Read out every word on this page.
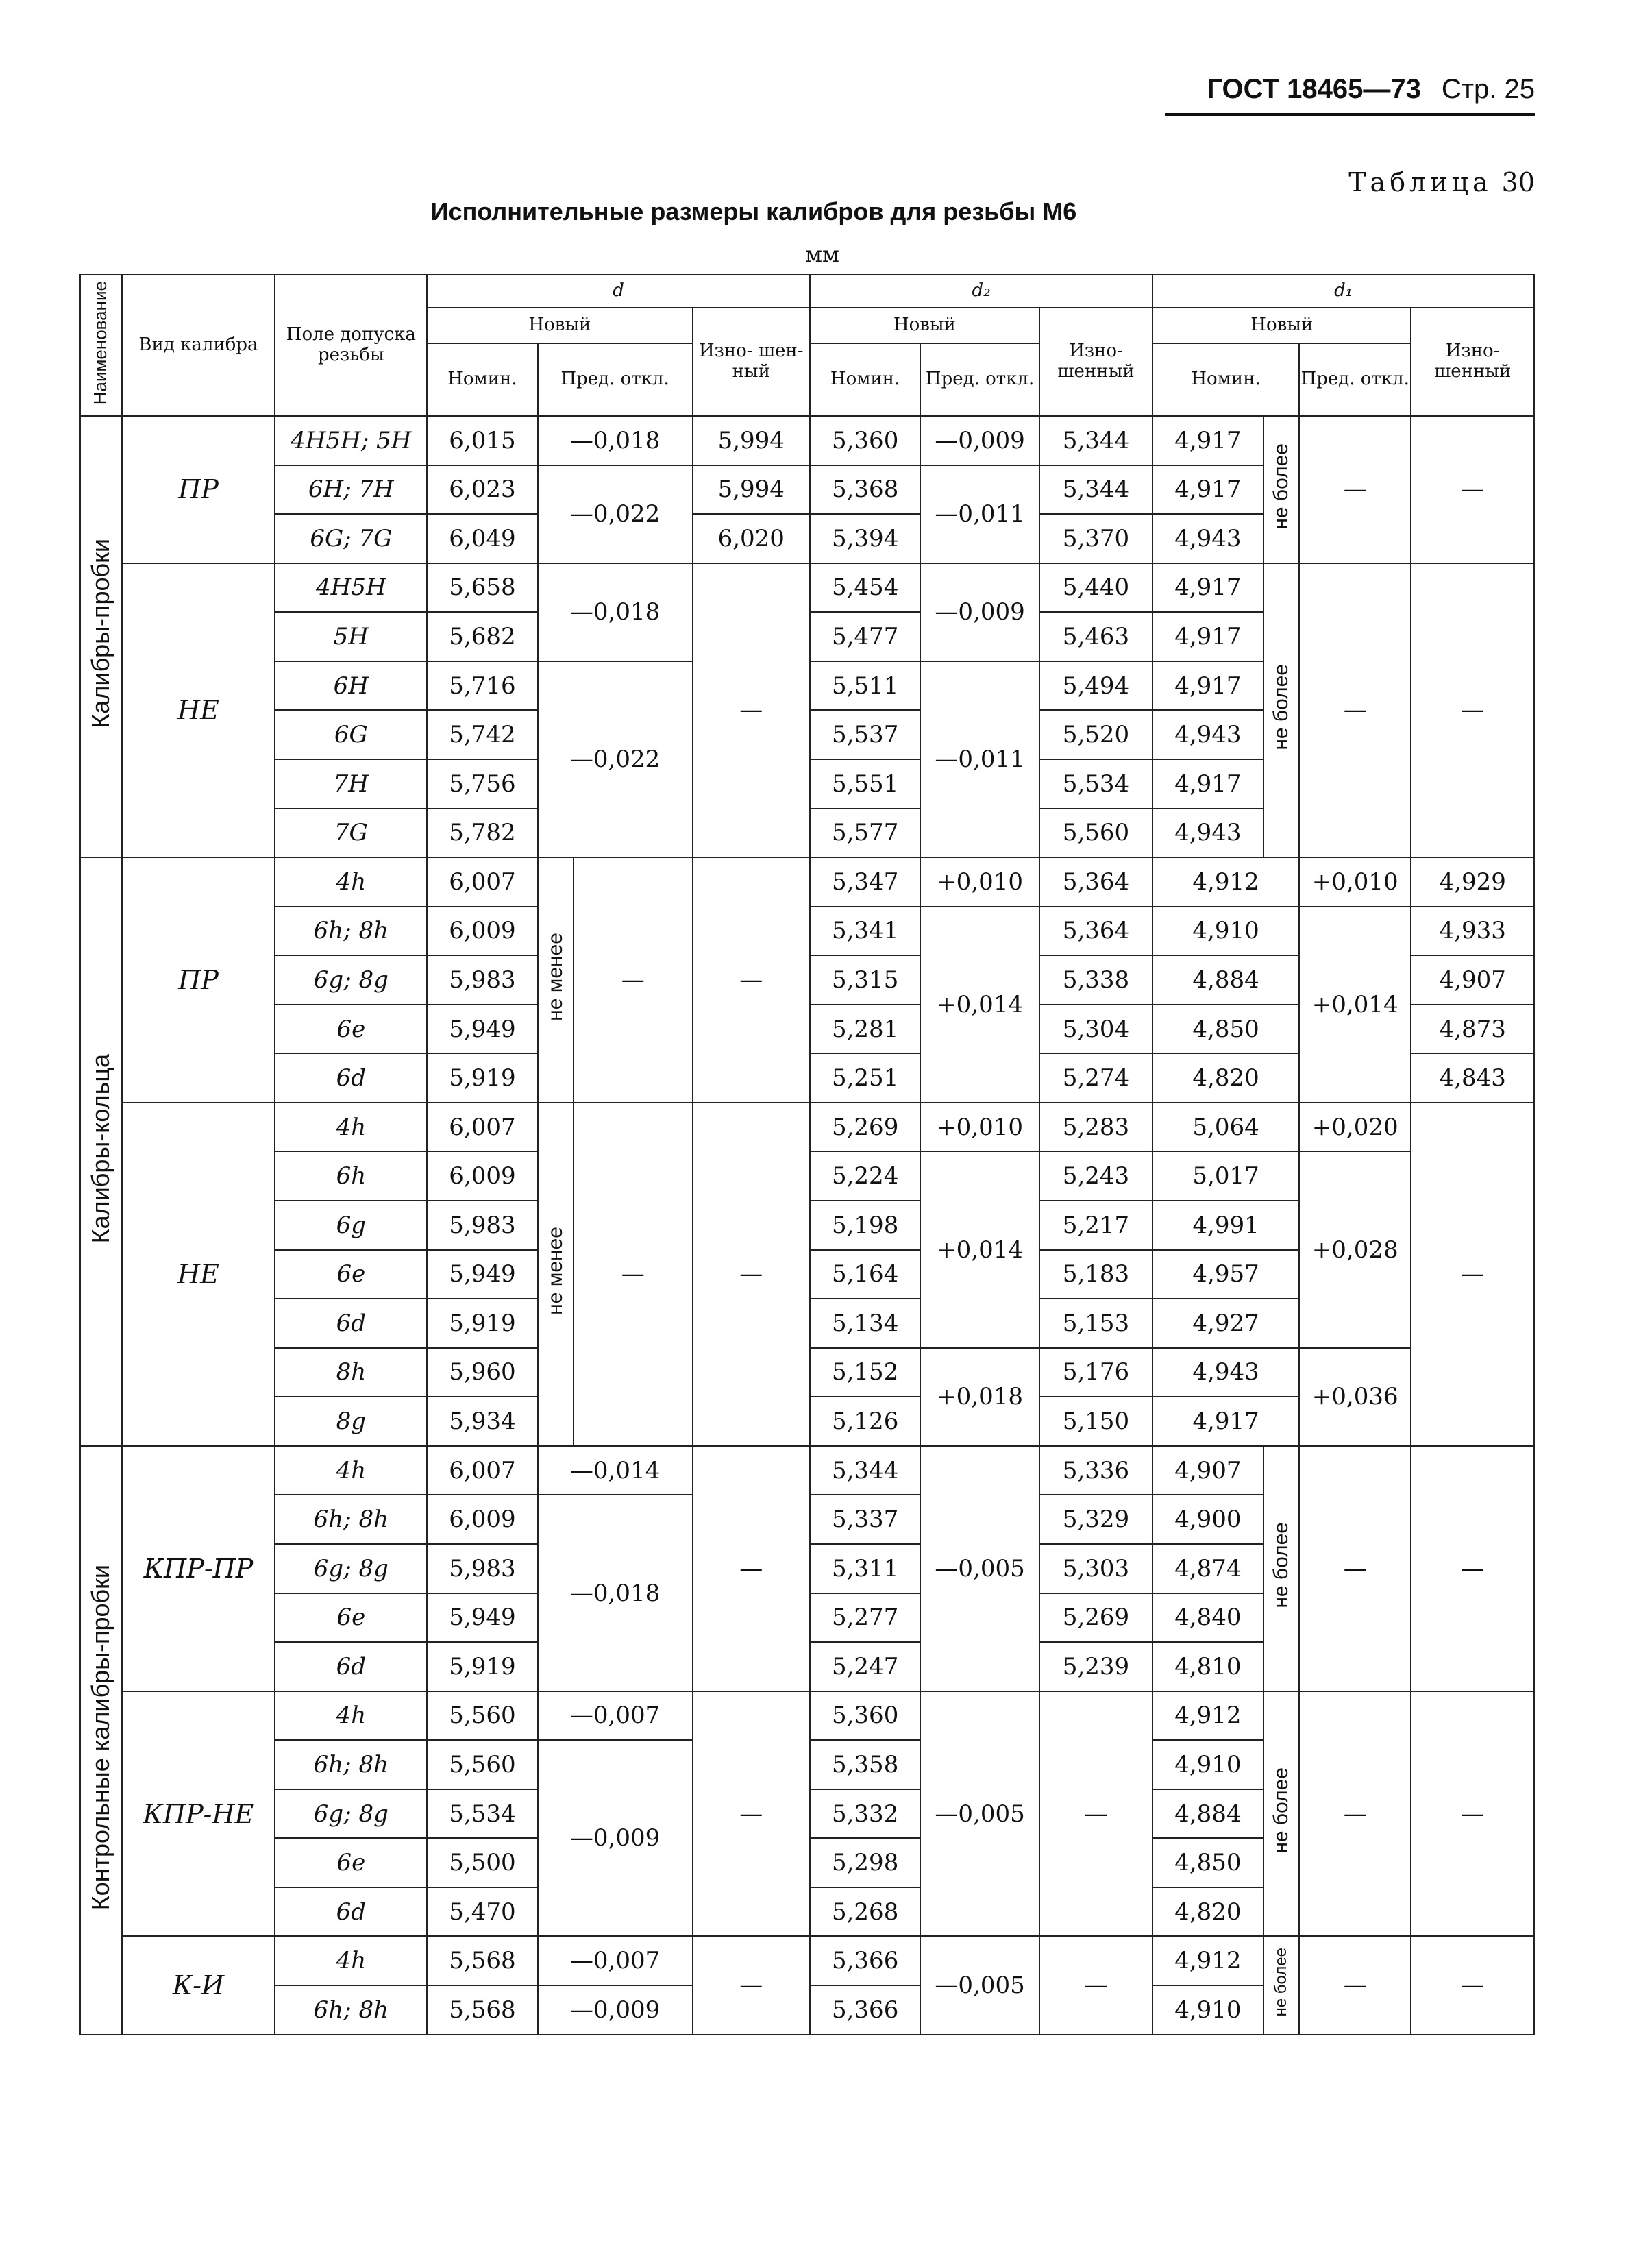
ГОСТ 18465—73 Стр. 25
Таблица 30
Исполнительные размеры калибров для резьбы М6
мм
Наименование	Вид калибра	Поле допуска резьбы	d				d₂			d₁			
			Новый			Изно- шен- ный	Новый		Изно- шенный	Новый			Изно- шенный
			Номин.	Пред. откл.			Номин.	Пред. откл.		Номин.		Пред. откл.	
Калибры-пробки	ПР	4H5H; 5H	6,015	—0,018		5,994	5,360	—0,009	5,344	4,917	не более	—	—
		6H; 7H	6,023	—0,022		5,994	5,368	—0,011	5,344	4,917			
		6G; 7G	6,049			6,020	5,394		5,370	4,943			
	НЕ	4H5H	5,658	—0,018		—	5,454	—0,009	5,440	4,917	не более	—	—
		5H	5,682				5,477		5,463	4,917			
		6H	5,716	—0,022			5,511	—0,011	5,494	4,917			
		6G	5,742				5,537		5,520	4,943			
		7H	5,756				5,551		5,534	4,917			
		7G	5,782				5,577		5,560	4,943			
Калибры-кольца	ПР	4h	6,007	не менее	—	—	5,347	+0,010	5,364	4,912		+0,010	4,929
		6h; 8h	6,009				5,341	+0,014	5,364	4,910		+0,014	4,933
		6g; 8g	5,983				5,315		5,338	4,884			4,907
		6e	5,949				5,281		5,304	4,850			4,873
		6d	5,919				5,251		5,274	4,820			4,843
	НЕ	4h	6,007	не менее	—	—	5,269	+0,010	5,283	5,064		+0,020	—
		6h	6,009				5,224	+0,014	5,243	5,017		+0,028	
		6g	5,983				5,198		5,217	4,991			
		6e	5,949				5,164		5,183	4,957			
		6d	5,919				5,134		5,153	4,927			
		8h	5,960				5,152	+0,018	5,176	4,943		+0,036	
		8g	5,934				5,126		5,150	4,917			
Контрольные калибры-пробки	КПР-ПР	4h	6,007	—0,014		—	5,344	—0,005	5,336	4,907	не более	—	—
		6h; 8h	6,009	—0,018			5,337		5,329	4,900			
		6g; 8g	5,983				5,311		5,303	4,874			
		6e	5,949				5,277		5,269	4,840			
		6d	5,919				5,247		5,239	4,810			
	КПР-НЕ	4h	5,560	—0,007		—	5,360	—0,005	—	4,912	не более	—	—
		6h; 8h	5,560	—0,009			5,358			4,910			
		6g; 8g	5,534				5,332			4,884			
		6e	5,500				5,298			4,850			
		6d	5,470				5,268			4,820			
	К-И	4h	5,568	—0,007		—	5,366	—0,005	—	4,912	не более	—	—
		6h; 8h	5,568	—0,009			5,366			4,910			
